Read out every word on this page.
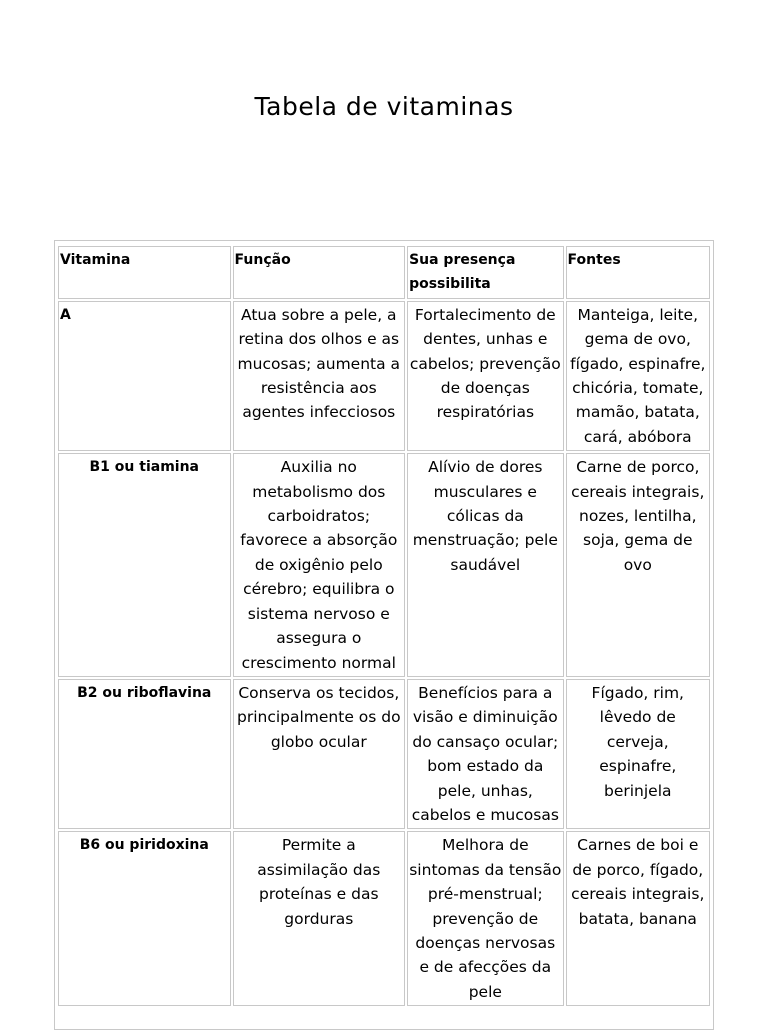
Tabela de vitaminas
Vitamina	Função	Sua presença possibilita	Fontes
A	Atua sobre a pele, a retina dos olhos e as mucosas; aumenta a resistência aos agentes infecciosos	Fortalecimento de dentes, unhas e cabelos; prevenção de doenças respiratórias	Manteiga, leite, gema de ovo, fígado, espinafre, chicória, tomate, mamão, batata, cará, abóbora
B1 ou tiamina	Auxilia no metabolismo dos carboidratos; favorece a absorção de oxigênio pelo cérebro; equilibra o sistema nervoso e assegura o crescimento normal	Alívio de dores musculares e cólicas da menstruação; pele saudável	Carne de porco, cereais integrais, nozes, lentilha, soja, gema de ovo
B2 ou riboflavina	Conserva os tecidos, principalmente os do globo ocular	Benefícios para a visão e diminuição do cansaço ocular; bom estado da pele, unhas, cabelos e mucosas	Fígado, rim, lêvedo de cerveja, espinafre, berinjela
B6 ou piridoxina	Permite a assimilação das proteínas e das gorduras	Melhora de sintomas da tensão pré-menstrual; prevenção de doenças nervosas e de afecções da pele	Carnes de boi e de porco, fígado, cereais integrais, batata, banana
